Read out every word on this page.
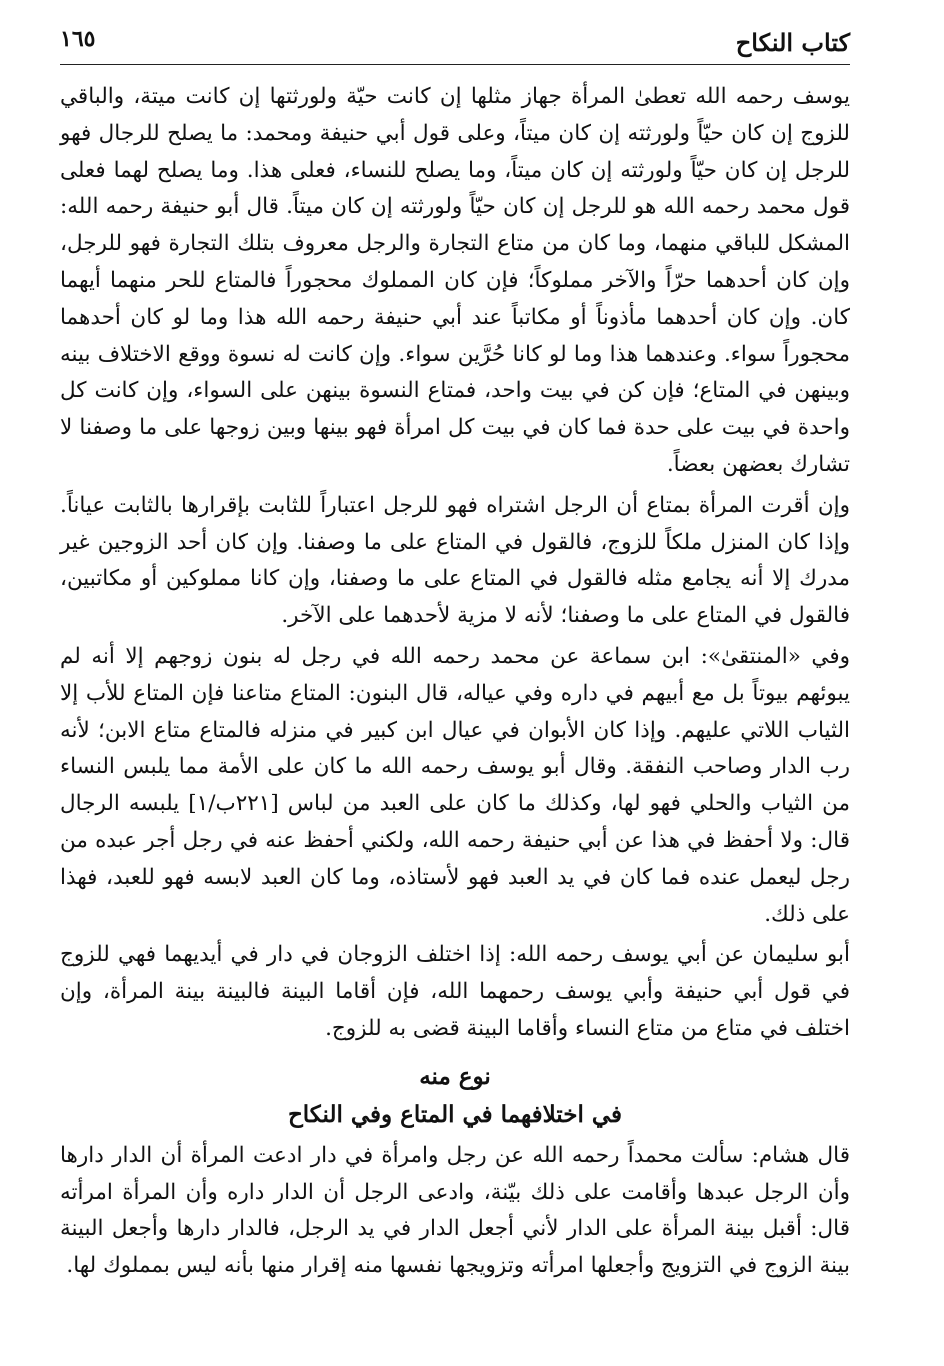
كتاب النكاح
١٦٥

يوسف رحمه الله تعطىٰ المرأة جهاز مثلها إن كانت حيّة ولورثتها إن كانت ميتة، والباقي للزوج إن كان حيّاً ولورثته إن كان ميتاً، وعلى قول أبي حنيفة ومحمد: ما يصلح للرجال فهو للرجل إن كان حيّاً ولورثته إن كان ميتاً، وما يصلح للنساء، فعلى هذا. وما يصلح لهما فعلى قول محمد رحمه الله هو للرجل إن كان حيّاً ولورثته إن كان ميتاً. قال أبو حنيفة رحمه الله: المشكل للباقي منهما، وما كان من متاع التجارة والرجل معروف بتلك التجارة فهو للرجل، وإن كان أحدهما حرّاً والآخر مملوكاً؛ فإن كان المملوك محجوراً فالمتاع للحر منهما أيهما كان. وإن كان أحدهما مأذوناً أو مكاتباً عند أبي حنيفة رحمه الله هذا وما لو كان أحدهما محجوراً سواء. وعندهما هذا وما لو كانا حُرَّين سواء. وإن كانت له نسوة ووقع الاختلاف بينه وبينهن في المتاع؛ فإن كن في بيت واحد، فمتاع النسوة بينهن على السواء، وإن كانت كل واحدة في بيت على حدة فما كان في بيت كل امرأة فهو بينها وبين زوجها على ما وصفنا لا تشارك بعضهن بعضاً.

وإن أقرت المرأة بمتاع أن الرجل اشتراه فهو للرجل اعتباراً للثابت بإقرارها بالثابت عياناً. وإذا كان المنزل ملكاً للزوج، فالقول في المتاع على ما وصفنا. وإن كان أحد الزوجين غير مدرك إلا أنه يجامع مثله فالقول في المتاع على ما وصفنا، وإن كانا مملوكين أو مكاتبين، فالقول في المتاع على ما وصفنا؛ لأنه لا مزية لأحدهما على الآخر.

وفي «المنتقىٰ»: ابن سماعة عن محمد رحمه الله في رجل له بنون زوجهم إلا أنه لم يبوئهم بيوتاً بل مع أبيهم في داره وفي عياله، قال البنون: المتاع متاعنا فإن المتاع للأب إلا الثياب اللاتي عليهم. وإذا كان الأبوان في عيال ابن كبير في منزله فالمتاع متاع الابن؛ لأنه رب الدار وصاحب النفقة. وقال أبو يوسف رحمه الله ما كان على الأمة مما يلبس النساء من الثياب والحلي فهو لها، وكذلك ما كان على العبد من لباس [٢٢١ب/١] يلبسه الرجال قال: ولا أحفظ في هذا عن أبي حنيفة رحمه الله، ولكني أحفظ عنه في رجل أجر عبده من رجل ليعمل عنده فما كان في يد العبد فهو لأستاذه، وما كان العبد لابسه فهو للعبد، فهذا على ذلك.

أبو سليمان عن أبي يوسف رحمه الله: إذا اختلف الزوجان في دار في أيديهما فهي للزوج في قول أبي حنيفة وأبي يوسف رحمهما الله، فإن أقاما البينة فالبينة بينة المرأة، وإن اختلف في متاع من متاع النساء وأقاما البينة قضى به للزوج.

نوع منه
في اختلافهما في المتاع وفي النكاح

قال هشام: سألت محمداً رحمه الله عن رجل وامرأة في دار ادعت المرأة أن الدار دارها وأن الرجل عبدها وأقامت على ذلك بيّنة، وادعى الرجل أن الدار داره وأن المرأة امرأته قال: أقبل بينة المرأة على الدار لأني أجعل الدار في يد الرجل، فالدار دارها وأجعل البينة بينة الزوج في التزويج وأجعلها امرأته وتزويجها نفسها منه إقرار منها بأنه ليس بمملوك لها.
